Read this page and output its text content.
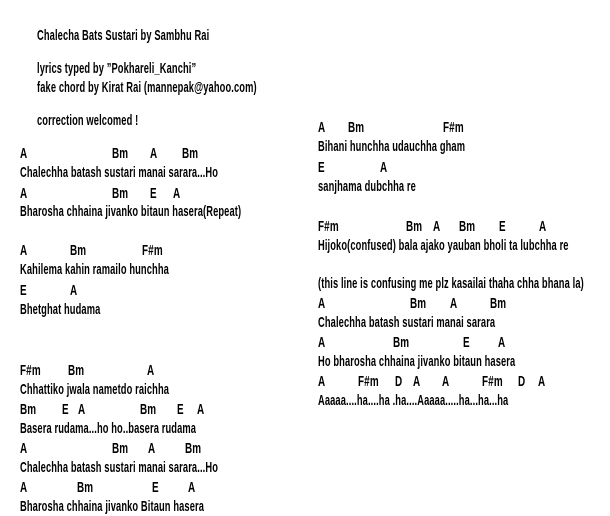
Chalecha Bats Sustari by Sambhu Rai

lyrics typed by ”Pokhareli_Kanchi”

fake chord by Kirat Rai (mannepak@yahoo.com)

correction welcomed !

A	Bm A Bm
Chalechha batash sustari manai sarara...Ho
A	Bm E A
Bharosha chhaina jivanko bitaun hasera(Repeat)
A	Bm	F#m
Kahilema kahin ramailo hunchha
E	A
Bhetghat hudama
F#m Bm	A
Chhattiko jwala nametdo raichha
Bm E A	Bm E A
Basera rudama...ho ho..basera rudama
A	Bm A Bm
Chalechha batash sustari manai sarara...Ho
A	Bm	E A
Bharosha chhaina jivanko Bitaun hasera
A Bm	F#m
Bihani hunchha udauchha gham
E	A
sanjhama dubchha re
F#m	Bm A Bm E A
Hijoko(confused) bala ajako yauban bholi ta lubchha re
(this line is confusing me plz kasailai thaha chha bhana la)
A	Bm A Bm
Chalechha batash sustari manai sarara
A	Bm	E A
Ho bharosha chhaina jivanko bitaun hasera
A F#m D A A F#m D A
Aaaaa....ha....ha .ha....Aaaaa.....ha...ha...ha
